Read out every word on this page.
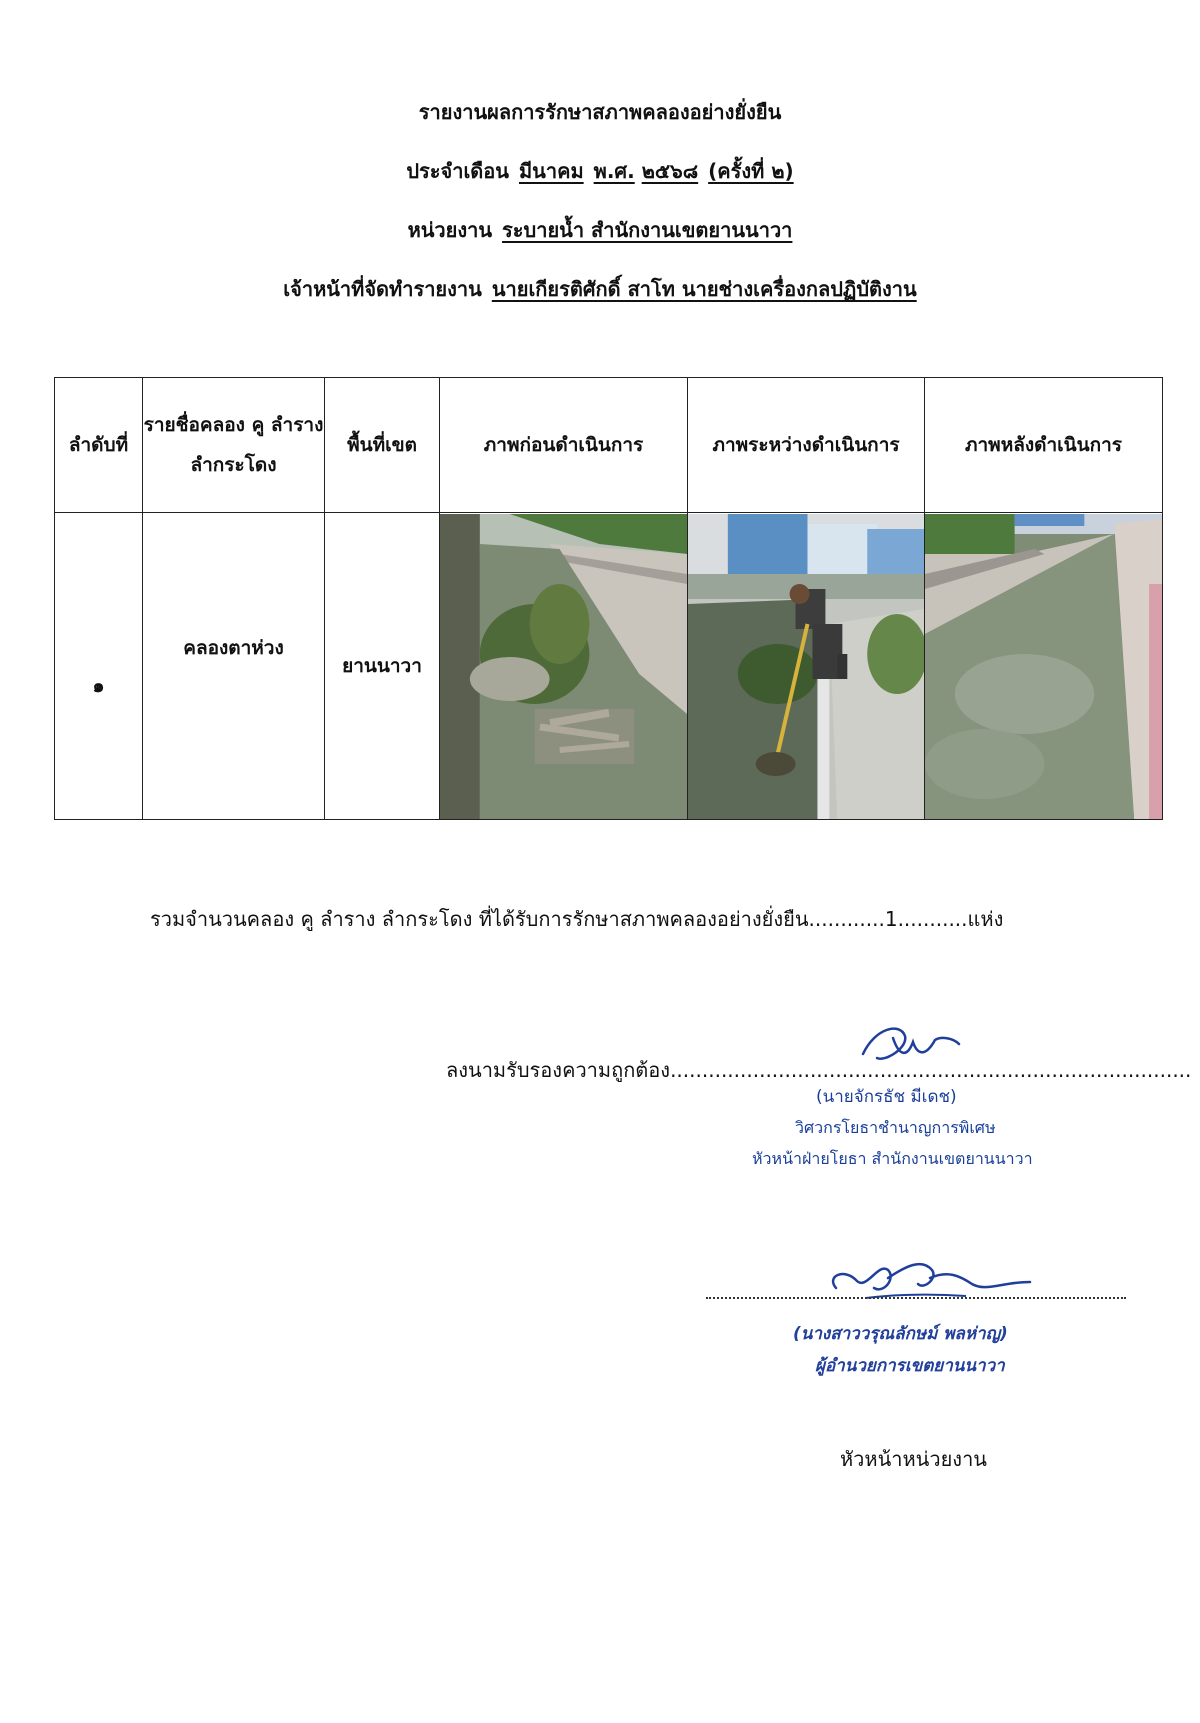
รายงานผลการรักษาสภาพคลองอย่างยั่งยืน
ประจำเดือน มีนาคม พ.ศ. ๒๕๖๘ (ครั้งที่ ๒)
หน่วยงาน ระบายน้ำ สำนักงานเขตยานนาวา
เจ้าหน้าที่จัดทำรายงาน นายเกียรติศักดิ์ สาโท นายช่างเครื่องกลปฏิบัติงาน
ลำดับที่	รายชื่อคลอง คู ลำราง ลำกระโดง	พื้นที่เขต	ภาพก่อนดำเนินการ	ภาพระหว่างดำเนินการ	ภาพหลังดำเนินการ
๑	คลองตาห่วง	ยานนาวา	

รวมจำนวนคลอง คู ลำราง ลำกระโดง ที่ได้รับการรักษาสภาพคลองอย่างยั่งยืน............1...........แห่ง
ลงนามรับรองความถูกต้อง..................................................................................
(นายจักรธัช มีเดช)
วิศวกรโยธาชำนาญการพิเศษ
หัวหน้าฝ่ายโยธา สำนักงานเขตยานนาวา
(นางสาววรุณลักษม์ พลห่าญ)
ผู้อำนวยการเขตยานนาวา
หัวหน้าหน่วยงาน
